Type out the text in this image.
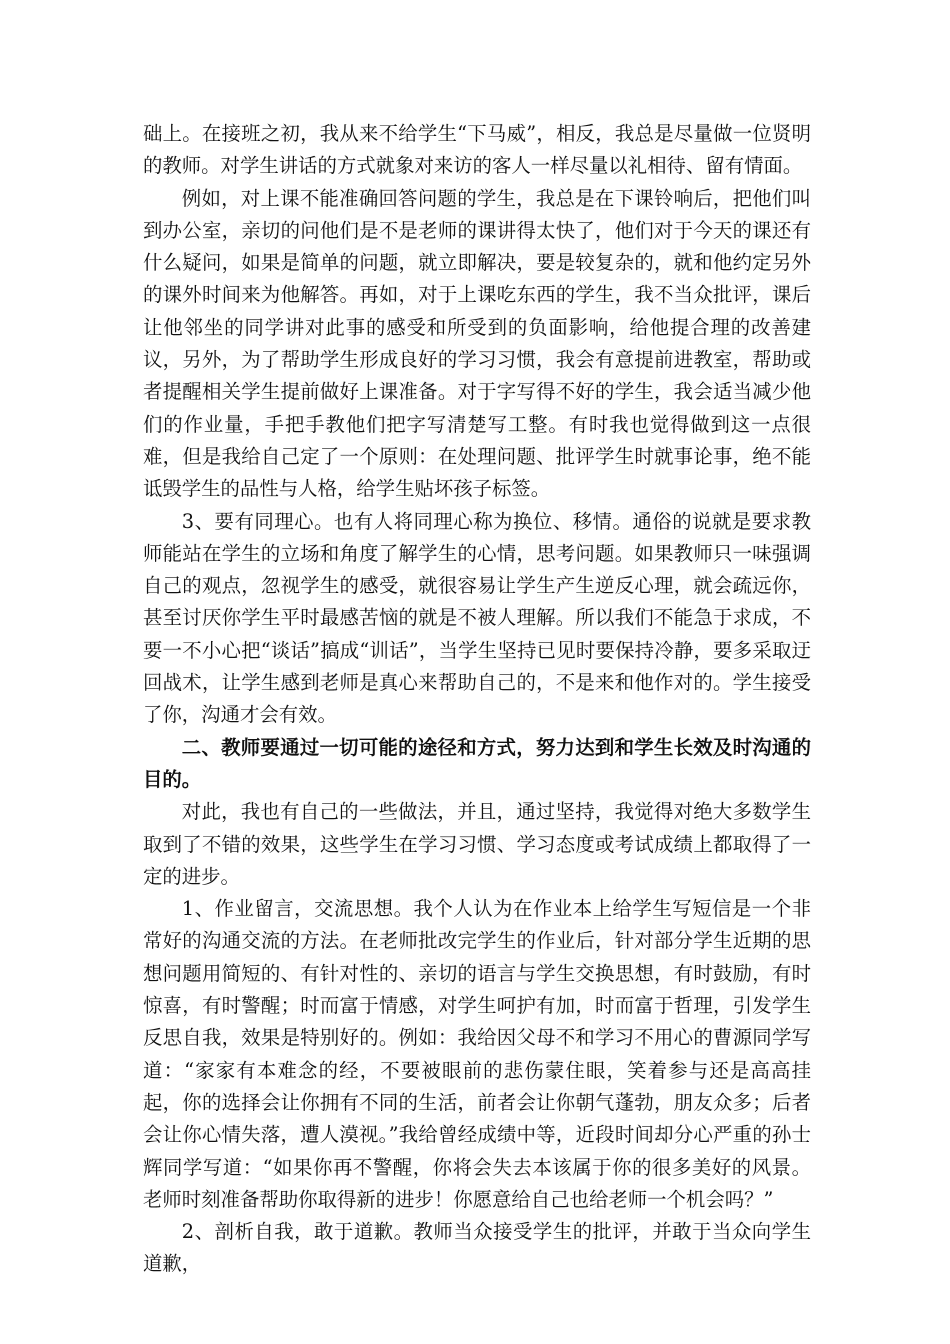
础上。在接班之初，我从来不给学生“下马威”，相反，我总是尽量做一位贤明的教师。对学生讲话的方式就象对来访的客人一样尽量以礼相待、留有情面。

例如，对上课不能准确回答问题的学生，我总是在下课铃响后，把他们叫到办公室，亲切的问他们是不是老师的课讲得太快了，他们对于今天的课还有什么疑问，如果是简单的问题，就立即解决，要是较复杂的，就和他约定另外的课外时间来为他解答。再如，对于上课吃东西的学生，我不当众批评，课后让他邻坐的同学讲对此事的感受和所受到的负面影响，给他提合理的改善建议，另外，为了帮助学生形成良好的学习习惯，我会有意提前进教室，帮助或者提醒相关学生提前做好上课准备。对于字写得不好的学生，我会适当减少他们的作业量，手把手教他们把字写清楚写工整。有时我也觉得做到这一点很难，但是我给自己定了一个原则：在处理问题、批评学生时就事论事，绝不能诋毁学生的品性与人格，给学生贴坏孩子标签。

3、要有同理心。也有人将同理心称为换位、移情。通俗的说就是要求教师能站在学生的立场和角度了解学生的心情，思考问题。如果教师只一味强调自己的观点，忽视学生的感受，就很容易让学生产生逆反心理，就会疏远你，甚至讨厌你学生平时最感苦恼的就是不被人理解。所以我们不能急于求成，不要一不小心把“谈话”搞成“训话”，当学生坚持已见时要保持冷静，要多采取迂回战术，让学生感到老师是真心来帮助自己的，不是来和他作对的。学生接受了你，沟通才会有效。

二、教师要通过一切可能的途径和方式，努力达到和学生长效及时沟通的目的。

对此，我也有自己的一些做法，并且，通过坚持，我觉得对绝大多数学生取到了不错的效果，这些学生在学习习惯、学习态度或考试成绩上都取得了一定的进步。

1、作业留言，交流思想。我个人认为在作业本上给学生写短信是一个非常好的沟通交流的方法。在老师批改完学生的作业后，针对部分学生近期的思想问题用简短的、有针对性的、亲切的语言与学生交换思想，有时鼓励，有时惊喜，有时警醒；时而富于情感，对学生呵护有加，时而富于哲理，引发学生反思自我，效果是特别好的。例如：我给因父母不和学习不用心的曹源同学写道：“家家有本难念的经，不要被眼前的悲伤蒙住眼，笑着参与还是高高挂起，你的选择会让你拥有不同的生活，前者会让你朝气蓬勃，朋友众多；后者会让你心情失落，遭人漠视。”我给曾经成绩中等，近段时间却分心严重的孙士辉同学写道：“如果你再不警醒，你将会失去本该属于你的很多美好的风景。老师时刻准备帮助你取得新的进步！你愿意给自己也给老师一个机会吗？”

2、剖析自我，敢于道歉。教师当众接受学生的批评，并敢于当众向学生道歉，
